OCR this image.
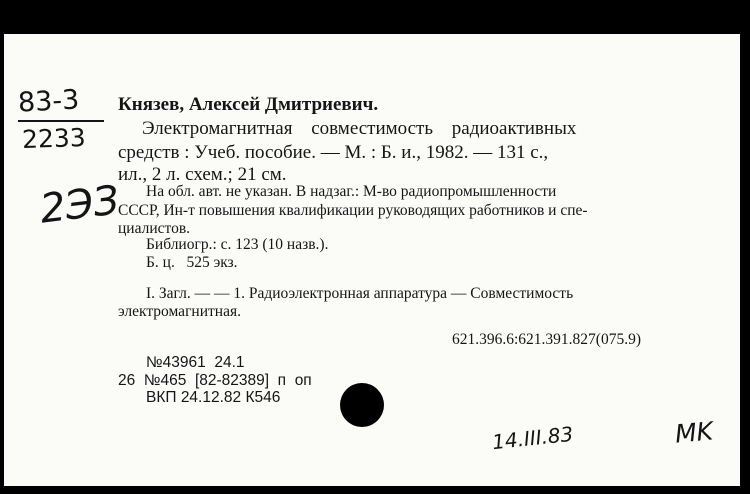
83-3
2233
2ЭЗ
14.III.83	MK
Князев, Алексей Дмитриевич.
Электромагнитная совместимость радиоактивных
средств : Учеб. пособие. — М. : Б. и., 1982. — 131 с.,
ил., 2 л. схем.; 21 см.
На обл. авт. не указан. В надзаг.: М-во радиопромышленности
СССР, Ин-т повышения квалификации руководящих работников и спе-
циалистов.
Библиогр.: с. 123 (10 назв.).
Б. ц.   525 экз.
I. Загл. — — 1. Радиоэлектронная аппаратура — Совместимость
электромагнитная.
621.396.6:621.391.827(075.9)
№43961  24.1
26  №465  [82-82389]  п  оп
ВКП 24.12.82 К546
